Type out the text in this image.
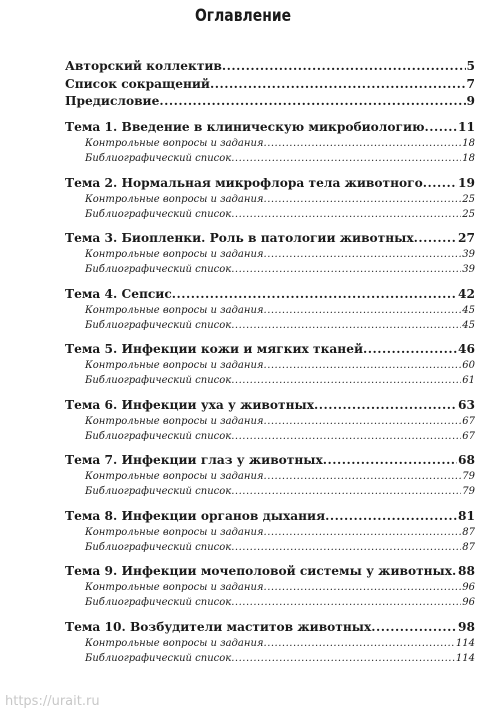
Оглавление
Авторский коллектив .....	5
Список сокращений .....	7
Предисловие .....	9
Тема 1. Введение в клиническую микробиологию .....	11
Контрольные вопросы и задания .....	18
Библиографический список .....	18
Тема 2. Нормальная микрофлора тела животного .....	19
Контрольные вопросы и задания .....	25
Библиографический список .....	25
Тема 3. Биопленки. Роль в патологии животных .....	27
Контрольные вопросы и задания .....	39
Библиографический список .....	39
Тема 4. Сепсис .....	42
Контрольные вопросы и задания .....	45
Библиографический список .....	45
Тема 5. Инфекции кожи и мягких тканей .....	46
Контрольные вопросы и задания .....	60
Библиографический список .....	61
Тема 6. Инфекции уха у животных .....	63
Контрольные вопросы и задания .....	67
Библиографический список .....	67
Тема 7. Инфекции глаз у животных .....	68
Контрольные вопросы и задания .....	79
Библиографический список .....	79
Тема 8. Инфекции органов дыхания .....	81
Контрольные вопросы и задания .....	87
Библиографический список .....	87
Тема 9. Инфекции мочеполовой системы у животных ..... 88
Контрольные вопросы и задания .....	96
Библиографический список .....	96
Тема 10. Возбудители маститов животных .....	98
Контрольные вопросы и задания .....	114
Библиографический список .....	114
https://urait.ru
